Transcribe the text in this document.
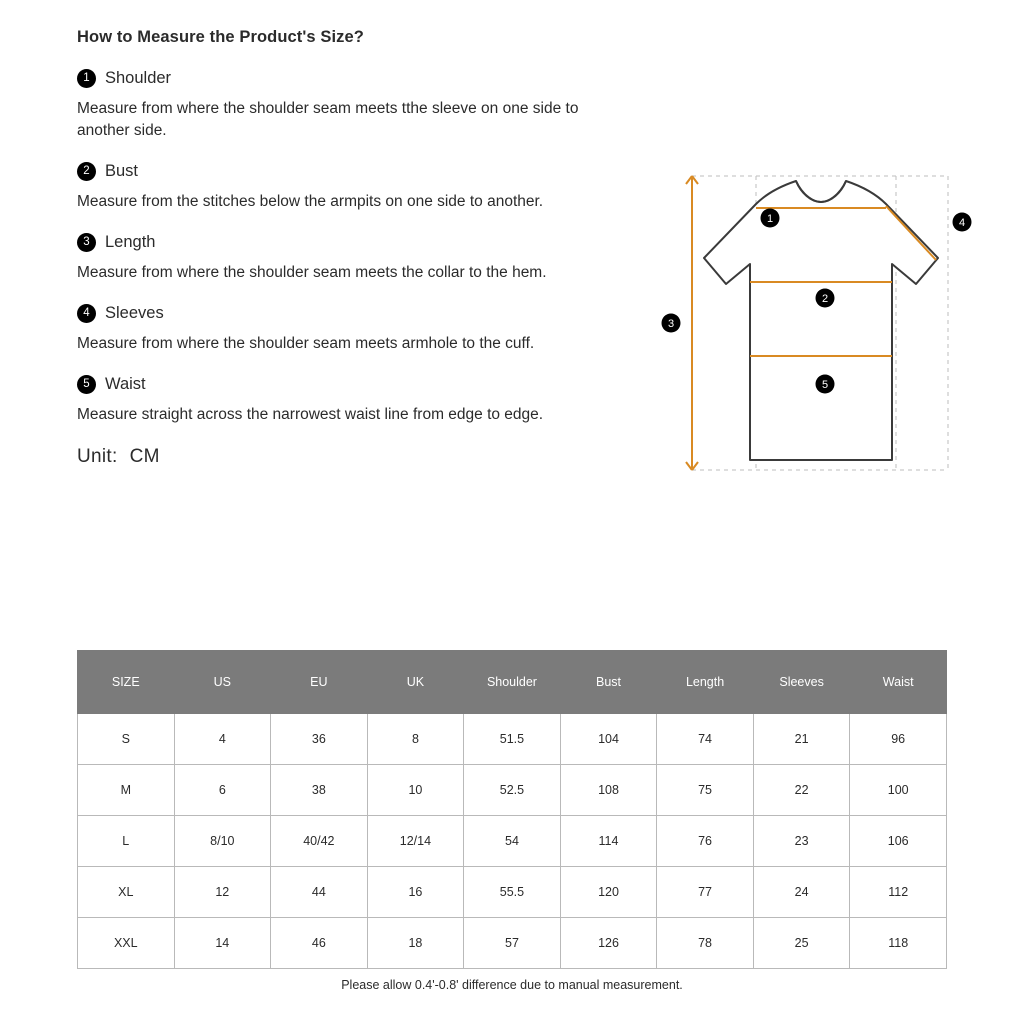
How to Measure the Product's Size?
1 Shoulder

Measure from where the shoulder seam meets tthe sleeve on one side to another side.

2 Bust

Measure from the stitches below the armpits on one side to another.

3 Length

Measure from where the shoulder seam meets the collar to the hem.

4 Sleeves

Measure from where the shoulder seam meets armhole to the cuff.

5 Waist

Measure straight across the narrowest waist line from edge to edge.

Unit: CM
1
2
3
4
5
SIZE	US	EU	UK	Shoulder	Bust	Length	Sleeves	Waist
S	4	36	8	51.5	104	74	21	96
M	6	38	10	52.5	108	75	22	100
L	8/10	40/42	12/14	54	114	76	23	106
XL	12	44	16	55.5	120	77	24	112
XXL	14	46	18	57	126	78	25	118
Please allow 0.4'-0.8' difference due to manual measurement.
